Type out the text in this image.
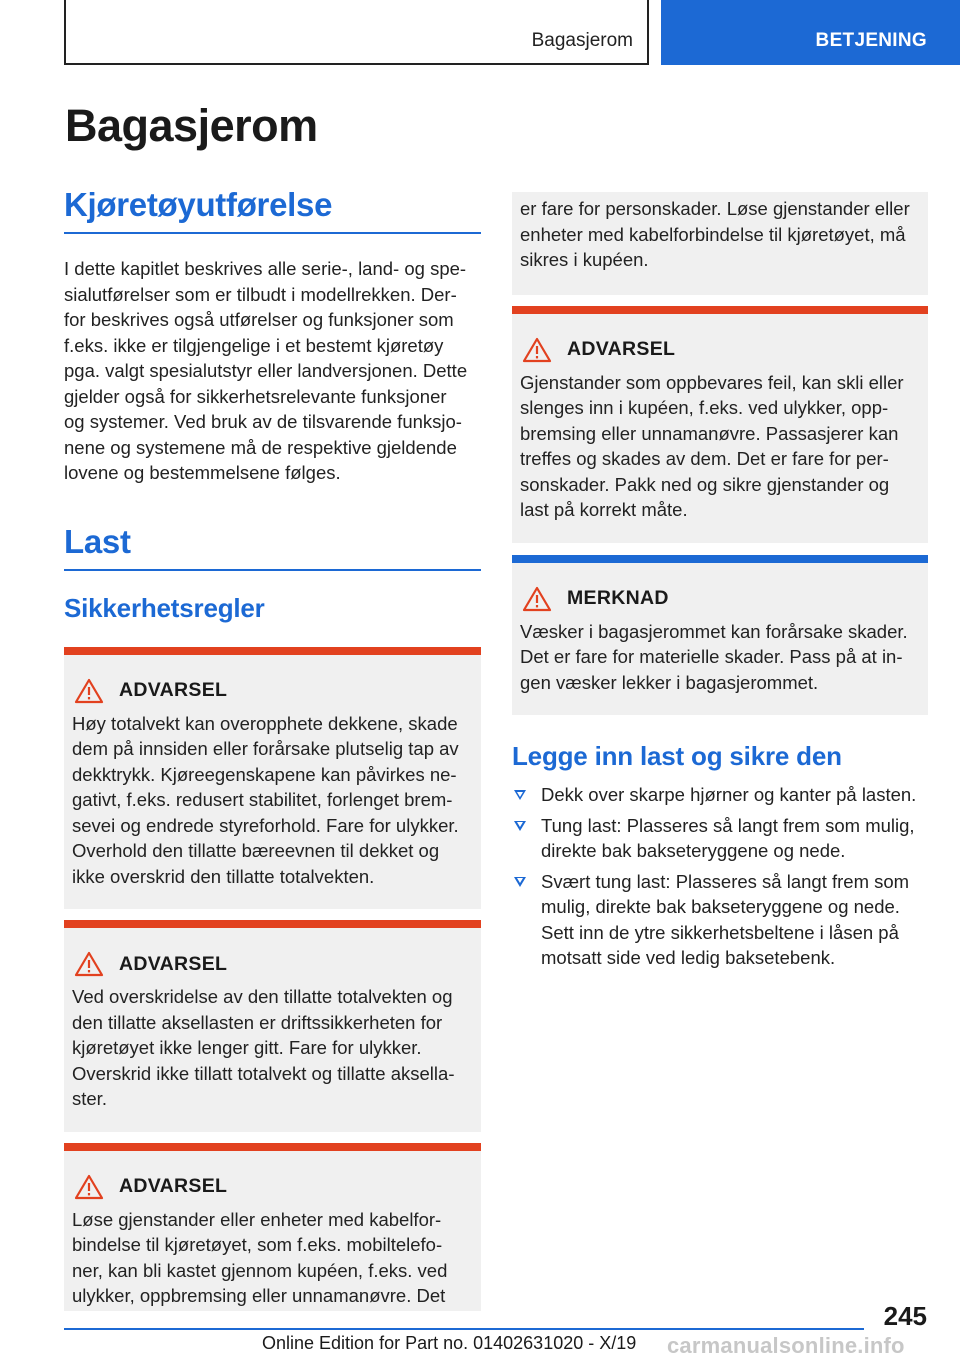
Bagasjerom	BETJENING
Bagasjerom
Kjøretøyutførelse
I dette kapitlet beskrives alle serie-, land- og spe-
sialutførelser som er tilbudt i modellrekken. Der-
for beskrives også utførelser og funksjoner som
f.eks. ikke er tilgjengelige i et bestemt kjøretøy
pga. valgt spesialutstyr eller landversjonen. Dette
gjelder også for sikkerhetsrelevante funksjoner
og systemer. Ved bruk av de tilsvarende funksjo-
nene og systemene må de respektive gjeldende
lovene og bestemmelsene følges.
Last
Sikkerhetsregler
ADVARSEL
Høy totalvekt kan overopphete dekkene, skade
dem på innsiden eller forårsake plutselig tap av
dekktrykk. Kjøreegenskapene kan påvirkes ne-
gativt, f.eks. redusert stabilitet, forlenget brem-
sevei og endrede styreforhold. Fare for ulykker.
Overhold den tillatte bæreevnen til dekket og
ikke overskrid den tillatte totalvekten.
ADVARSEL
Ved overskridelse av den tillatte totalvekten og
den tillatte aksellasten er driftssikkerheten for
kjøretøyet ikke lenger gitt. Fare for ulykker.
Overskrid ikke tillatt totalvekt og tillatte aksella-
ster.
ADVARSEL
Løse gjenstander eller enheter med kabelfor-
bindelse til kjøretøyet, som f.eks. mobiltelefo-
ner, kan bli kastet gjennom kupéen, f.eks. ved
ulykker, oppbremsing eller unnamanøvre. Det
er fare for personskader. Løse gjenstander eller
enheter med kabelforbindelse til kjøretøyet, må
sikres i kupéen.
ADVARSEL
Gjenstander som oppbevares feil, kan skli eller
slenges inn i kupéen, f.eks. ved ulykker, opp-
bremsing eller unnamanøvre. Passasjerer kan
treffes og skades av dem. Det er fare for per-
sonskader. Pakk ned og sikre gjenstander og
last på korrekt måte.
MERKNAD
Væsker i bagasjerommet kan forårsake skader.
Det er fare for materielle skader. Pass på at in-
gen væsker lekker i bagasjerommet.
Legge inn last og sikre den
Dekk over skarpe hjørner og kanter på lasten.
Tung last: Plasseres så langt frem som mulig,
direkte bak bakseteryggene og nede.
Svært tung last: Plasseres så langt frem som
mulig, direkte bak bakseteryggene og nede.
Sett inn de ytre sikkerhetsbeltene i låsen på
motsatt side ved ledig baksetebenk.
245
Online Edition for Part no. 01402631020 - X/19 carmanualsonline.info
